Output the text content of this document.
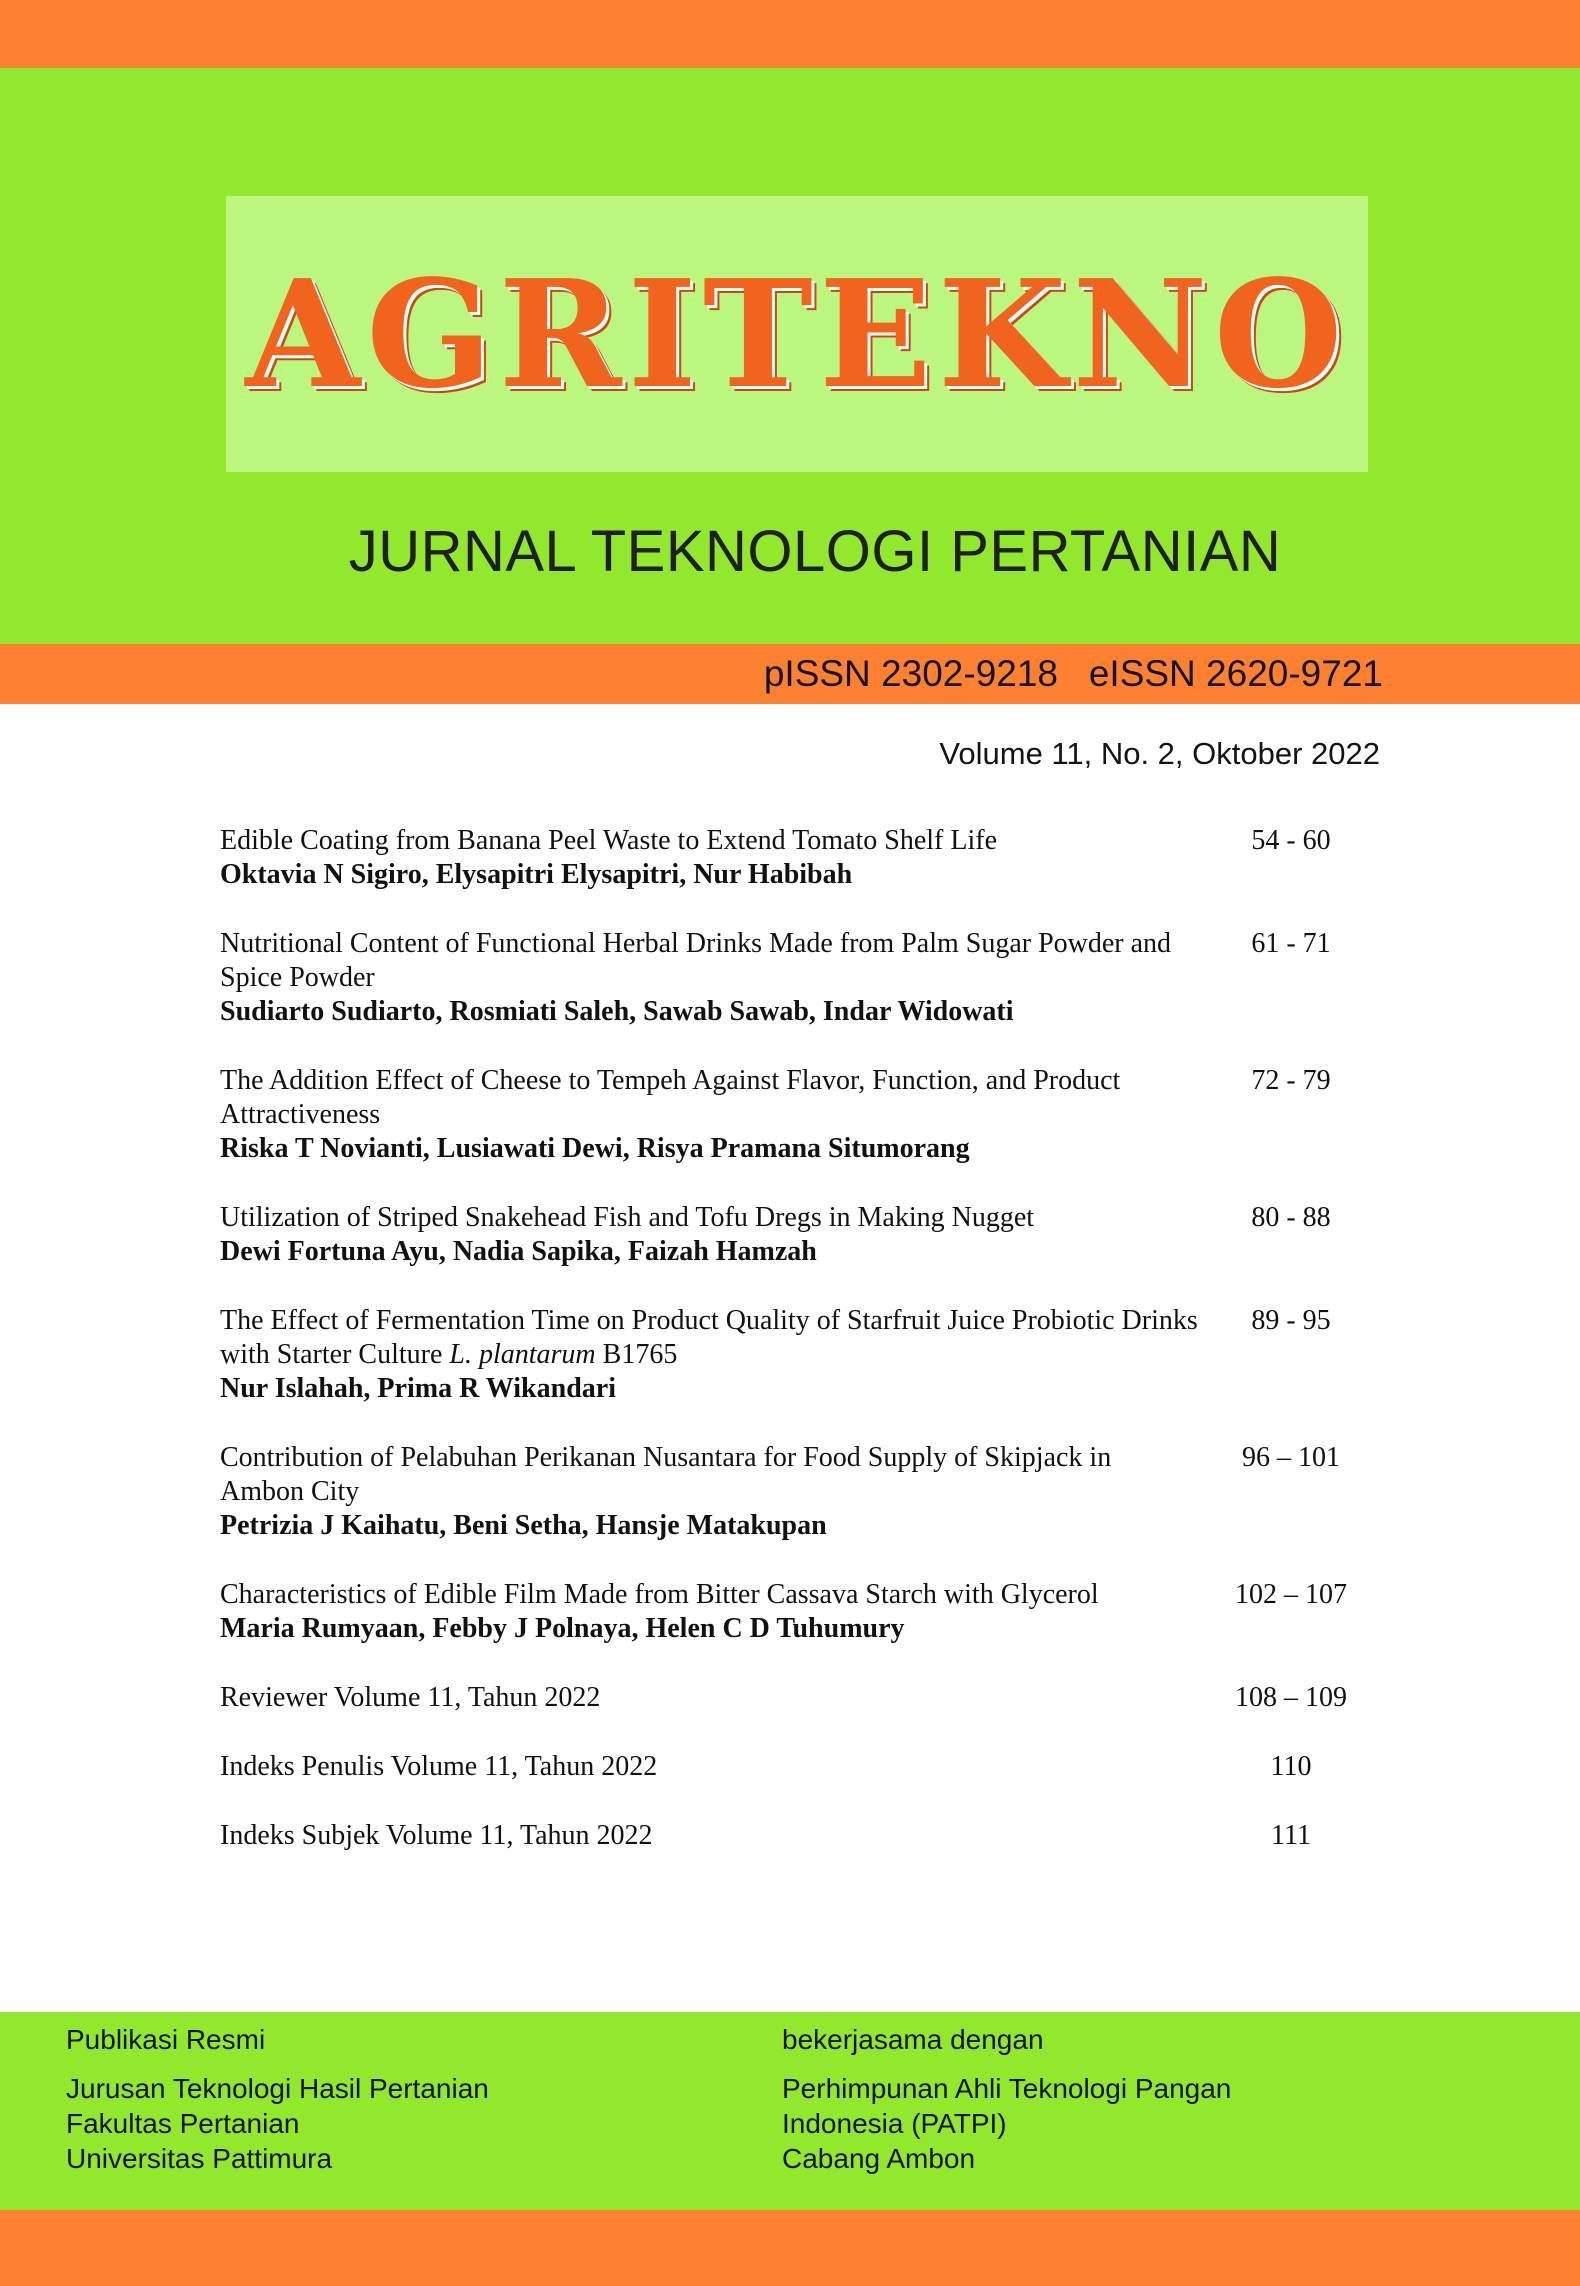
AGRITEKNO
JURNAL TEKNOLOGI PERTANIAN
pISSN 2302-9218   eISSN 2620-9721
Volume 11, No. 2, Oktober 2022
Edible Coating from Banana Peel Waste to Extend Tomato Shelf Life
Oktavia N Sigiro, Elysapitri Elysapitri, Nur Habibah
54 - 60
Nutritional Content of Functional Herbal Drinks Made from Palm Sugar Powder and Spice Powder
Sudiarto Sudiarto, Rosmiati Saleh, Sawab Sawab, Indar Widowati
61 - 71
The Addition Effect of Cheese to Tempeh Against Flavor, Function, and Product Attractiveness
Riska T Novianti, Lusiawati Dewi, Risya Pramana Situmorang
72 - 79
Utilization of Striped Snakehead Fish and Tofu Dregs in Making Nugget
Dewi Fortuna Ayu, Nadia Sapika, Faizah Hamzah
80 - 88
The Effect of Fermentation Time on Product Quality of Starfruit Juice Probiotic Drinks with Starter Culture L. plantarum B1765
Nur Islahah, Prima R Wikandari
89 - 95
Contribution of Pelabuhan Perikanan Nusantara for Food Supply of Skipjack in Ambon City
Petrizia J Kaihatu, Beni Setha, Hansje Matakupan
96 – 101
Characteristics of Edible Film Made from Bitter Cassava Starch with Glycerol
Maria Rumyaan, Febby J Polnaya, Helen C D Tuhumury
102 – 107
Reviewer Volume 11, Tahun 2022	108 – 109
Indeks Penulis Volume 11, Tahun 2022	110
Indeks Subjek Volume 11, Tahun 2022	111
Publikasi Resmi
Jurusan Teknologi Hasil Pertanian
Fakultas Pertanian
Universitas Pattimura
bekerjasama dengan
Perhimpunan Ahli Teknologi Pangan
Indonesia (PATPI)
Cabang Ambon
